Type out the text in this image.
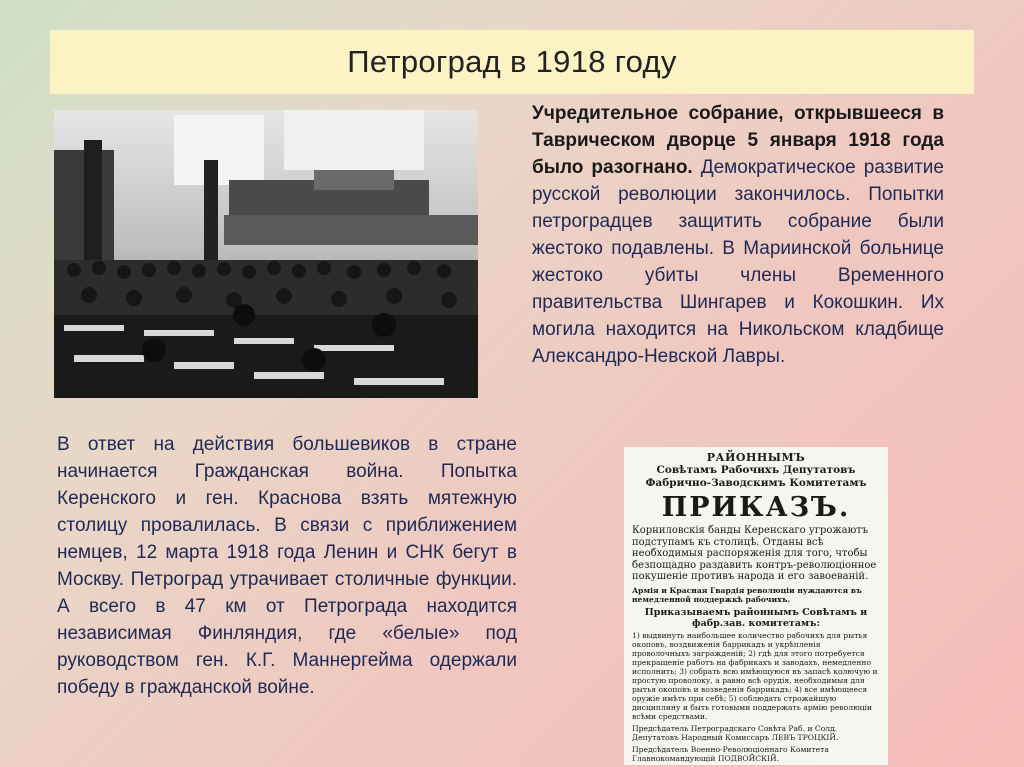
Петроград в 1918 году

Учредительное собрание, открывшееся в Таврическом дворце 5 января 1918 года было разогнано. Демократическое развитие русской революции закончилось. Попытки петроградцев защитить собрание были жестоко подавлены. В Мариинской больнице жестоко убиты члены Временного правительства Шингарев и Кокошкин. Их могила находится на Никольском кладбище Александро-Невской Лавры.

В ответ на действия большевиков в стране начинается Гражданская война. Попытка Керенского и ген. Краснова взять мятежную столицу провалилась. В связи с приближением немцев, 12 марта 1918 года Ленин и СНК бегут в Москву. Петроград утрачивает столичные функции. А всего в 47 км от Петрограда находится независимая Финляндия, где «белые» под руководством ген. К.Г. Маннергейма одержали победу в гражданской войне.

РАЙОННЫМЪ
Совѣтамъ Рабочихъ Депутатовъ
Фабрично-Заводскимъ Комитетамъ
ПРИКАЗЪ.
Корниловскія банды Керенскаго угрожаютъ подступамъ къ столицѣ. Отданы всѣ необходимыя распоряженія для того, чтобы безпощадно раздавить контръ-революціонное покушеніе противъ народа и его завоеваній.
Армія и Красная Гвардія революціи нуждаются въ немедленной поддержкѣ рабочихъ.
Приказываемъ районнымъ Совѣтамъ и фабр.зав. комитетамъ:
1) выдвинуть наибольшее количество рабочихъ для рытья окоповъ, воздвиженія баррикадъ и укрѣпленія проволочныхъ загражденій; 2) гдѣ для этого потребуется прекращеніе работъ на фабрикахъ и заводахъ, немедленно исполнить; 3) собрать всю имѣющуюся въ запасѣ колючую и простую проволоку, а равно всѣ орудія, необходимыя для рытья окоповъ и возведенія баррикадъ; 4) все имѣющееся оружіе имѣть при себѣ; 5) соблюдать строжайшую дисциплину и быть готовыми поддержать армію революціи всѣми средствами.
Предсѣдатель Петроградскаго Совѣта Раб. и Солд. Депутатовъ Народный Комиссаръ ЛЕВЪ ТРОЦКІЙ.
Предсѣдатель Военно-Революціоннаго Комитета Главнокомандующій ПОДВОЙСКІЙ.
